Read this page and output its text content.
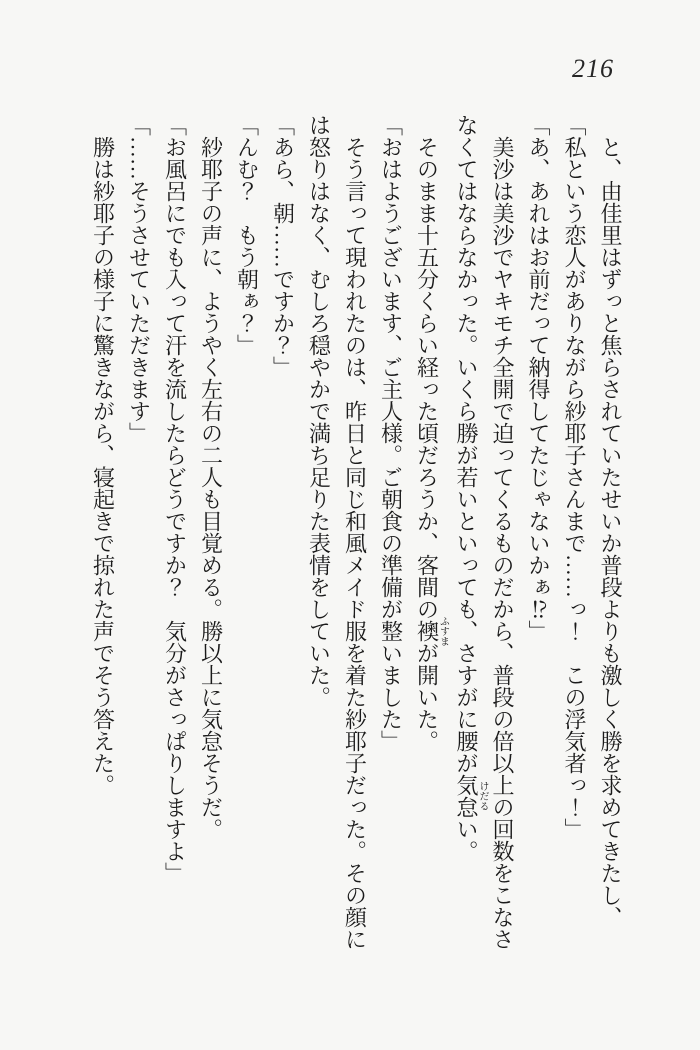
216

と、由佳里はずっと焦らされていたせいか普段よりも激しく勝を求めてきたし、

「私という恋人がありながら紗耶子さんまで……っ！　この浮気者っ！」

「あ、あれはお前だって納得してたじゃないかぁ⁉」

美沙は美沙でヤキモチ全開で迫ってくるものだから、普段の倍以上の回数をこなさなくてはならなかった。いくら勝が若いといっても、さすがに腰が気怠けだるい。

そのまま十五分くらい経った頃だろうか、客間の襖ふすまが開いた。

「おはようございます、ご主人様。ご朝食の準備が整いました」

そう言って現われたのは、昨日と同じ和風メイド服を着た紗耶子だった。その顔には怒りはなく、むしろ穏やかで満ち足りた表情をしていた。

「あら、朝……ですか？」

「んむ？　もう朝ぁ？」

紗耶子の声に、ようやく左右の二人も目覚める。勝以上に気怠そうだ。

「お風呂にでも入って汗を流したらどうですか？　気分がさっぱりしますよ」

「……そうさせていただきます」

勝は紗耶子の様子に驚きながら、寝起きで掠れた声でそう答えた。
